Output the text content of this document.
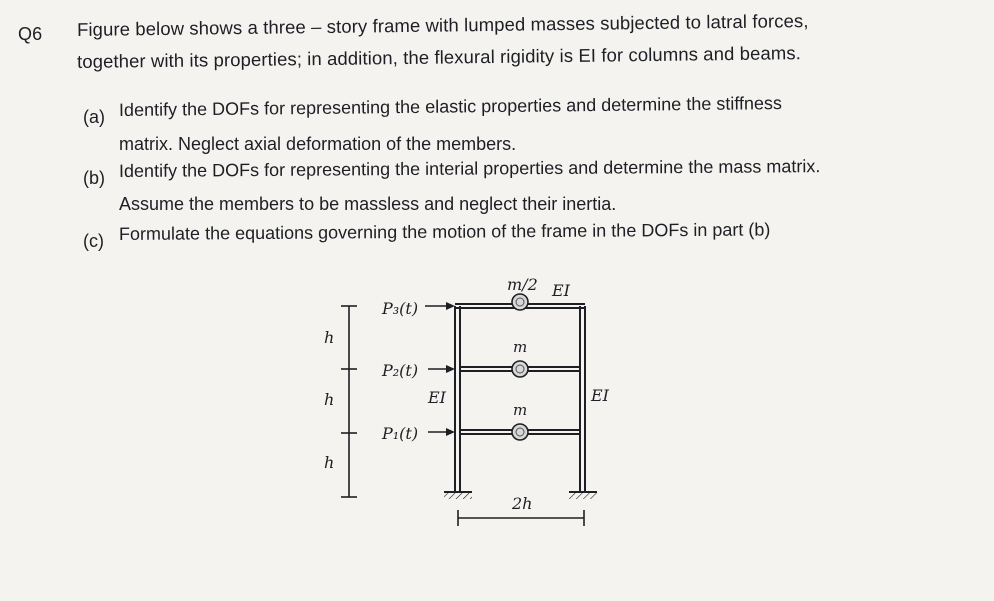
Q6 Figure below shows a three – story frame with lumped masses subjected to latral forces,
together with its properties; in addition, the flexural rigidity is EI for columns and beams.
(a) Identify the DOFs for representing the elastic properties and determine the stiffness
matrix. Neglect axial deformation of the members.
(b) Identify the DOFs for representing the interial properties and determine the mass matrix.
Assume the members to be massless and neglect their inertia.
(c) Formulate the equations governing the motion of the frame in the DOFs in part (b)
h
h
h
m/2 EI
m
m
P₃(t)
P₂(t)
P₁(t)
EI	EI
2h
